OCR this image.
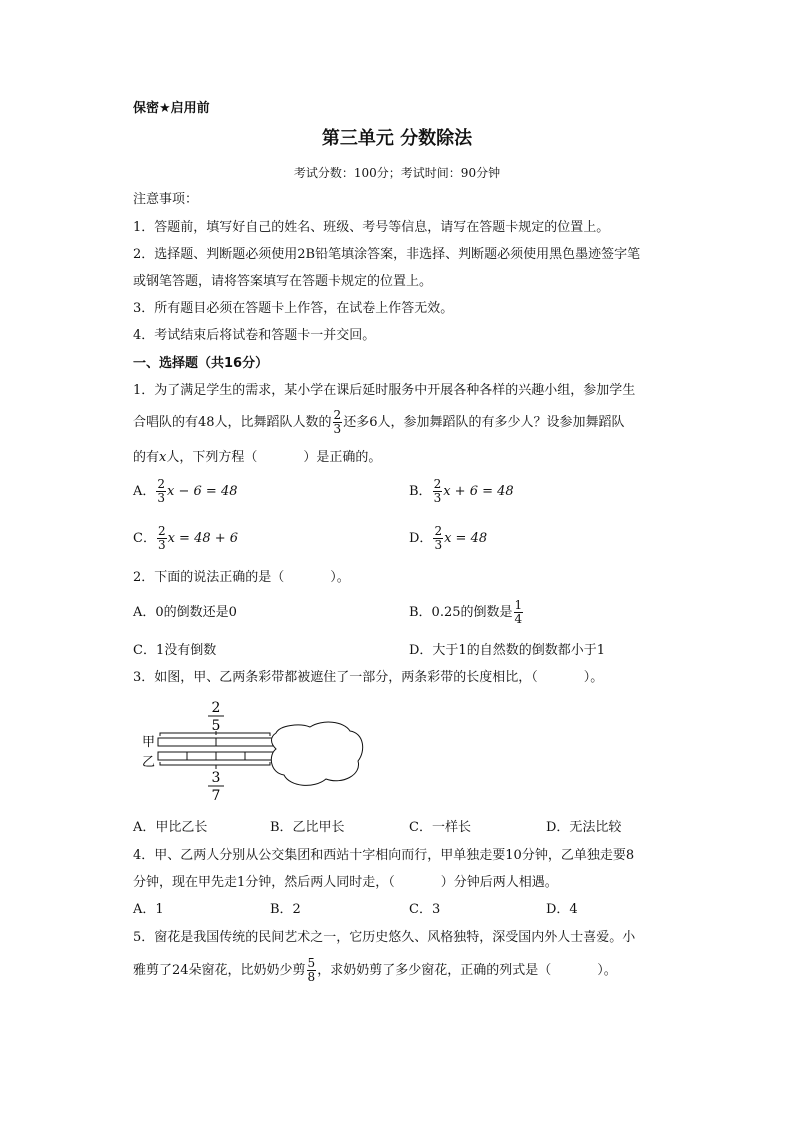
保密★启用前
第三单元 分数除法
考试分数：100分；考试时间：90分钟
注意事项：
1．答题前，填写好自己的姓名、班级、考号等信息，请写在答题卡规定的位置上。
2．选择题、判断题必须使用2B铅笔填涂答案，非选择、判断题必须使用黑色墨迹签字笔
或钢笔答题，请将答案填写在答题卡规定的位置上。
3．所有题目必须在答题卡上作答，在试卷上作答无效。
4．考试结束后将试卷和答题卡一并交回。
一、选择题（共16分）
1．为了满足学生的需求，某小学在课后延时服务中开展各种各样的兴趣小组，参加学生
合唱队的有48人，比舞蹈队人数的 $\frac{2}{3}$ 还多6人，参加舞蹈队的有多少人？设参加舞蹈队
的有x人，下列方程（	）是正确的。
A． $\frac{2}{3}$ x − 6 = 48	B． $\frac{2}{3}$ x + 6 = 48
C． $\frac{2}{3}$ x = 48 + 6	D． $\frac{2}{3}$ x = 48
2．下面的说法正确的是（	）。
A．0的倒数还是0	B．0.25的倒数是 $\frac{1}{4}$
C．1没有倒数	D．大于1的自然数的倒数都小于1
3．如图，甲、乙两条彩带都被遮住了一部分，两条彩带的长度相比，（	）。
2
5
甲
乙
3
7
A．甲比乙长	B．乙比甲长	C．一样长	D．无法比较
4．甲、乙两人分别从公交集团和西站十字相向而行，甲单独走要10分钟，乙单独走要8
分钟，现在甲先走1分钟，然后两人同时走，（	）分钟后两人相遇。
A．1	B．2	C．3	D．4
5．窗花是我国传统的民间艺术之一，它历史悠久、风格独特，深受国内外人士喜爱。小
雅剪了24朵窗花，比奶奶少剪 $\frac{5}{8}$ ，求奶奶剪了多少窗花，正确的列式是（	）。
